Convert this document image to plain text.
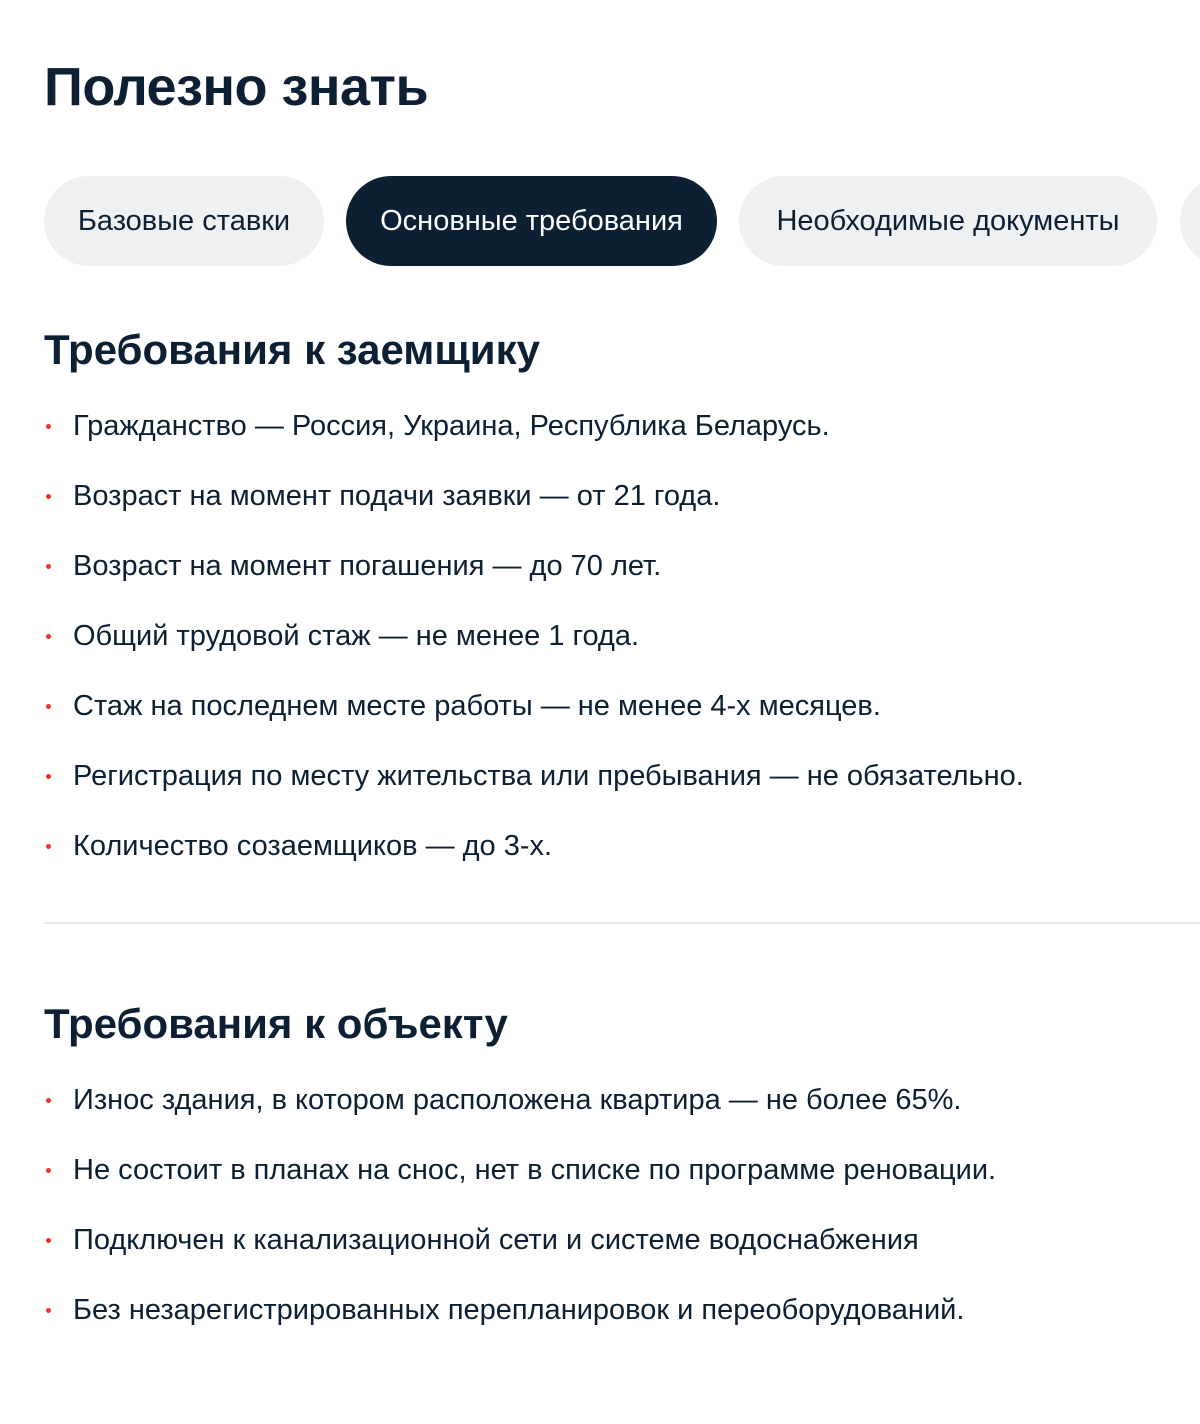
Полезно знать
Базовые ставки	Основные требования	Необходимые документы
Требования к заемщику
Гражданство — Россия, Украина, Республика Беларусь.
Возраст на момент подачи заявки — от 21 года.
Возраст на момент погашения — до 70 лет.
Общий трудовой стаж — не менее 1 года.
Стаж на последнем месте работы — не менее 4-х месяцев.
Регистрация по месту жительства или пребывания — не обязательно.
Количество созаемщиков — до 3-х.
Требования к объекту
Износ здания, в котором расположена квартира — не более 65%.
Не состоит в планах на снос, нет в списке по программе реновации.
Подключен к канализационной сети и системе водоснабжения
Без незарегистрированных перепланировок и переоборудований.
